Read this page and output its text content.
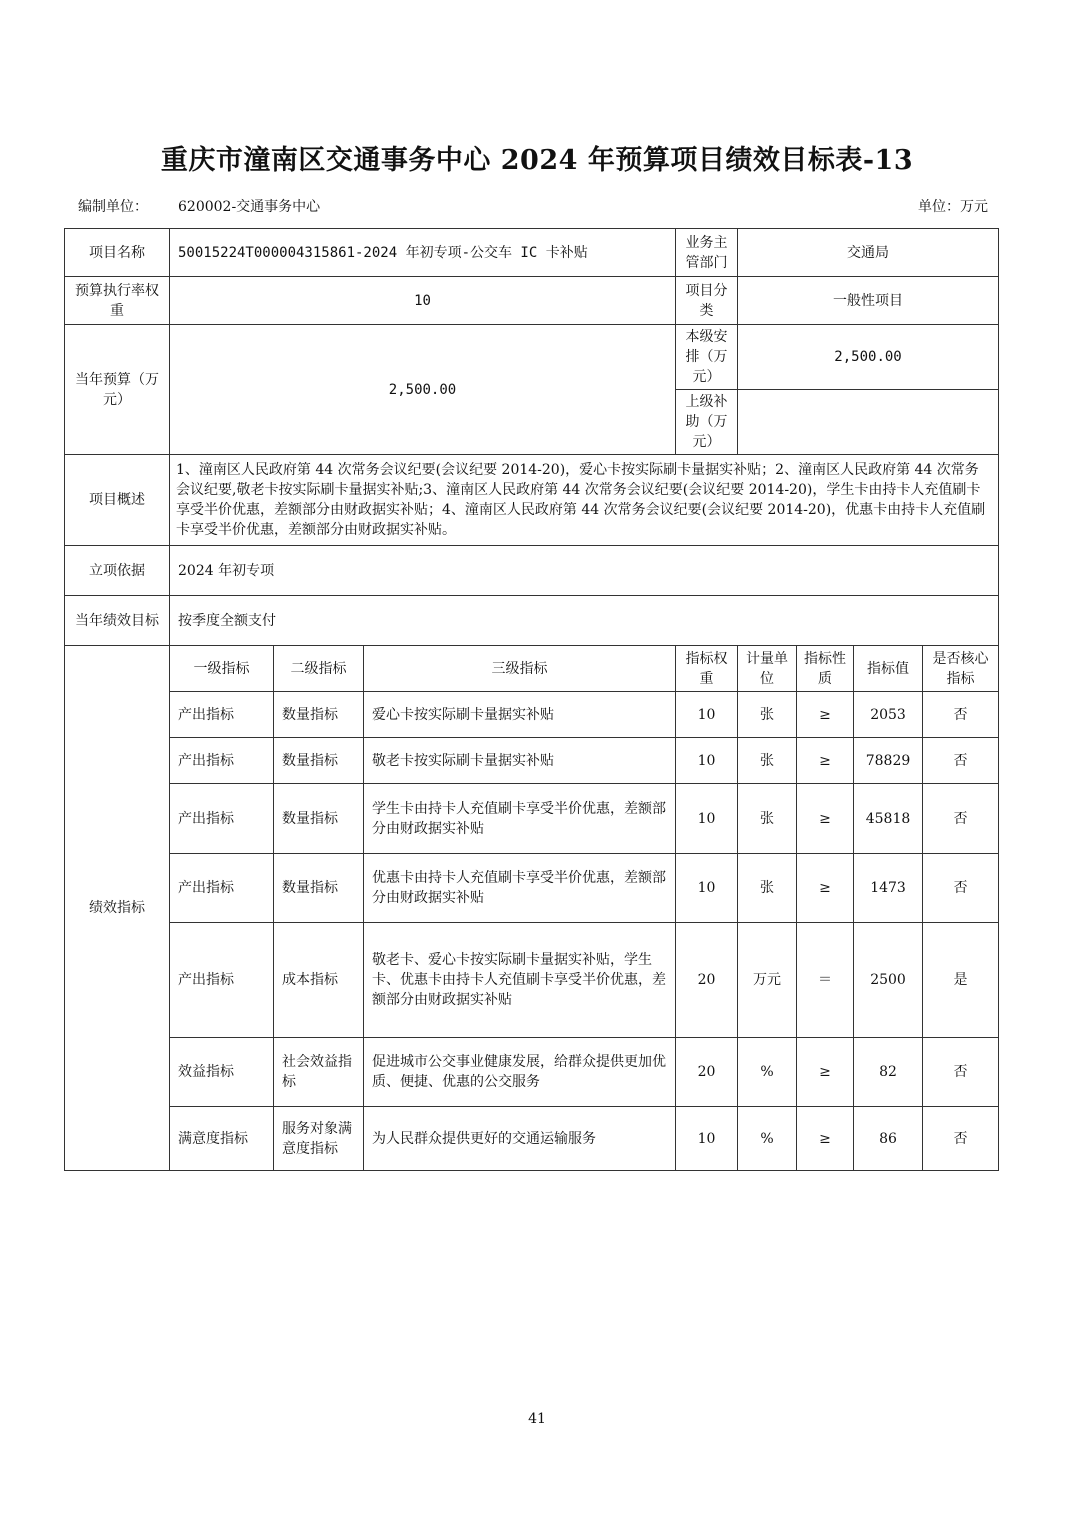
重庆市潼南区交通事务中心 2024 年预算项目绩效目标表-13
编制单位： 620002-交通事务中心	单位：万元
项目名称	50015224T000004315861-2024 年初专项-公交车 IC 卡补贴			业务主管部门	交通局			
预算执行率权重	10			项目分类	一般性项目			
当年预算（万元）	2,500.00			本级安排（万元）	2,500.00			
				上级补助（万元）				
项目概述	1、潼南区人民政府第 44 次常务会议纪要(会议纪要 2014-20)，爱心卡按实际刷卡量据实补贴；2、潼南区人民政府第 44 次常务会议纪要,敬老卡按实际刷卡量据实补贴;3、潼南区人民政府第 44 次常务会议纪要(会议纪要 2014-20)，学生卡由持卡人充值刷卡享受半价优惠，差额部分由财政据实补贴；4、潼南区人民政府第 44 次常务会议纪要(会议纪要 2014-20)，优惠卡由持卡人充值刷卡享受半价优惠，差额部分由财政据实补贴。							
立项依据	2024 年初专项							
当年绩效目标	按季度全额支付							
绩效指标	一级指标	二级指标	三级指标	指标权重	计量单位	指标性质	指标值	是否核心指标
	产出指标	数量指标	爱心卡按实际刷卡量据实补贴	10	张	≥	2053	否
	产出指标	数量指标	敬老卡按实际刷卡量据实补贴	10	张	≥	78829	否
	产出指标	数量指标	学生卡由持卡人充值刷卡享受半价优惠，差额部分由财政据实补贴	10	张	≥	45818	否
	产出指标	数量指标	优惠卡由持卡人充值刷卡享受半价优惠，差额部分由财政据实补贴	10	张	≥	1473	否
	产出指标	成本指标	敬老卡、爱心卡按实际刷卡量据实补贴，学生卡、优惠卡由持卡人充值刷卡享受半价优惠，差额部分由财政据实补贴	20	万元	＝	2500	是
	效益指标	社会效益指标	促进城市公交事业健康发展，给群众提供更加优质、便捷、优惠的公交服务	20	%	≥	82	否
	满意度指标	服务对象满意度指标	为人民群众提供更好的交通运输服务	10	%	≥	86	否
41
